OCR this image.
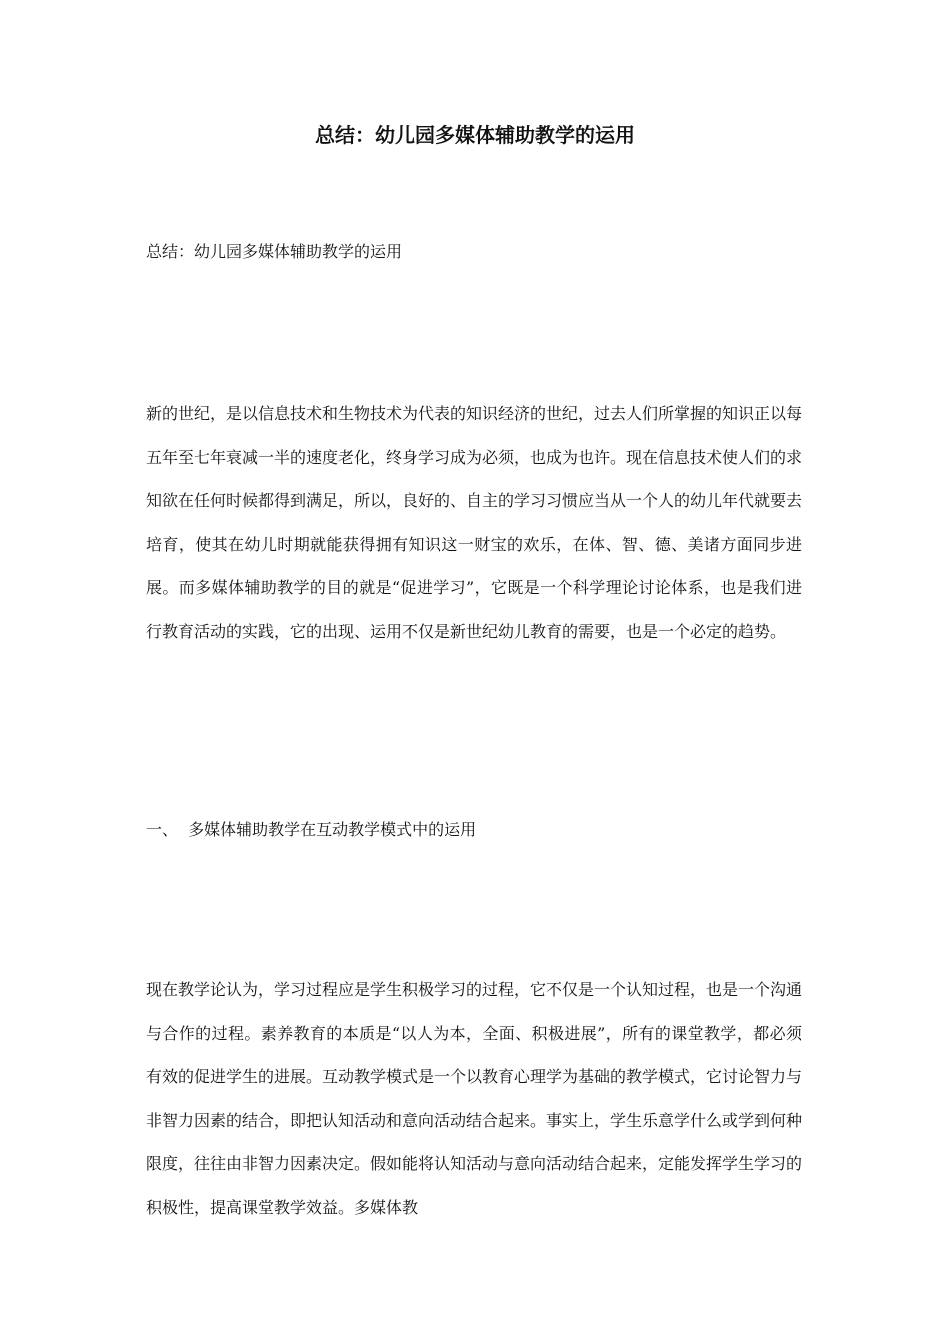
总结：幼儿园多媒体辅助教学的运用
总结：幼儿园多媒体辅助教学的运用

新的世纪，是以信息技术和生物技术为代表的知识经济的世纪，过去人们所掌握的知识正以每五年至七年衰减一半的速度老化，终身学习成为必须，也成为也许。现在信息技术使人们的求知欲在任何时候都得到满足，所以，良好的、自主的学习习惯应当从一个人的幼儿年代就要去培育，使其在幼儿时期就能获得拥有知识这一财宝的欢乐，在体、智、德、美诸方面同步进展。而多媒体辅助教学的目的就是“促进学习”，它既是一个科学理论讨论体系，也是我们进行教育活动的实践，它的出现、运用不仅是新世纪幼儿教育的需要，也是一个必定的趋势。

一、  多媒体辅助教学在互动教学模式中的运用

现在教学论认为，学习过程应是学生积极学习的过程，它不仅是一个认知过程，也是一个沟通与合作的过程。素养教育的本质是“以人为本，全面、积极进展”，所有的课堂教学，都必须有效的促进学生的进展。互动教学模式是一个以教育心理学为基础的教学模式，它讨论智力与非智力因素的结合，即把认知活动和意向活动结合起来。事实上，学生乐意学什么或学到何种限度，往往由非智力因素决定。假如能将认知活动与意向活动结合起来，定能发挥学生学习的积极性，提高课堂教学效益。多媒体教
